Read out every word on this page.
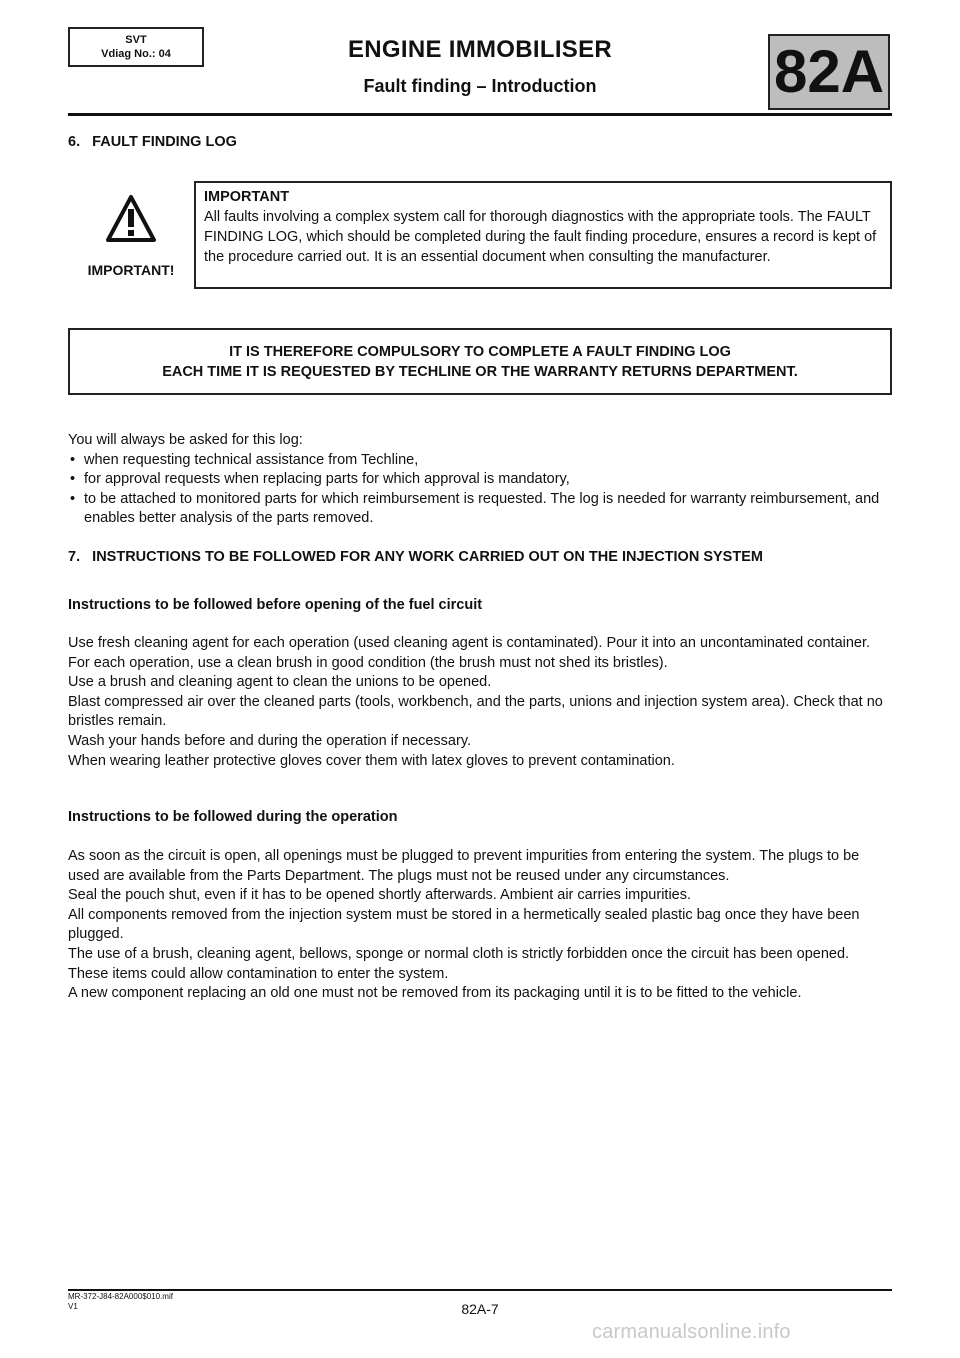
SVT
Vdiag No.: 04	ENGINE IMMOBILISER
Fault finding – Introduction	82A
6.   FAULT FINDING LOG
IMPORTANT!
IMPORTANT
All faults involving a complex system call for thorough diagnostics with the appropriate tools. The FAULT FINDING LOG, which should be completed during the fault finding procedure, ensures a record is kept of the procedure carried out. It is an essential document when consulting the manufacturer.
IT IS THEREFORE COMPULSORY TO COMPLETE A FAULT FINDING LOG
EACH TIME IT IS REQUESTED BY TECHLINE OR THE WARRANTY RETURNS DEPARTMENT.
You will always be asked for this log:
• when requesting technical assistance from Techline,
• for approval requests when replacing parts for which approval is mandatory,
• to be attached to monitored parts for which reimbursement is requested. The log is needed for warranty reimbursement, and enables better analysis of the parts removed.
7.   INSTRUCTIONS TO BE FOLLOWED FOR ANY WORK CARRIED OUT ON THE INJECTION SYSTEM
Instructions to be followed before opening of the fuel circuit
Use fresh cleaning agent for each operation (used cleaning agent is contaminated). Pour it into an uncontaminated container.
For each operation, use a clean brush in good condition (the brush must not shed its bristles).
Use a brush and cleaning agent to clean the unions to be opened.
Blast compressed air over the cleaned parts (tools, workbench, and the parts, unions and injection system area). Check that no bristles remain.
Wash your hands before and during the operation if necessary.
When wearing leather protective gloves cover them with latex gloves to prevent contamination.
Instructions to be followed during the operation
As soon as the circuit is open, all openings must be plugged to prevent impurities from entering the system. The plugs to be used are available from the Parts Department. The plugs must not be reused under any circumstances.
Seal the pouch shut, even if it has to be opened shortly afterwards. Ambient air carries impurities.
All components removed from the injection system must be stored in a hermetically sealed plastic bag once they have been plugged.
The use of a brush, cleaning agent, bellows, sponge or normal cloth is strictly forbidden once the circuit has been opened. These items could allow contamination to enter the system.
A new component replacing an old one must not be removed from its packaging until it is to be fitted to the vehicle.
MR-372-J84-82A000$010.mif
V1	82A-7
carmanualsonline.info
